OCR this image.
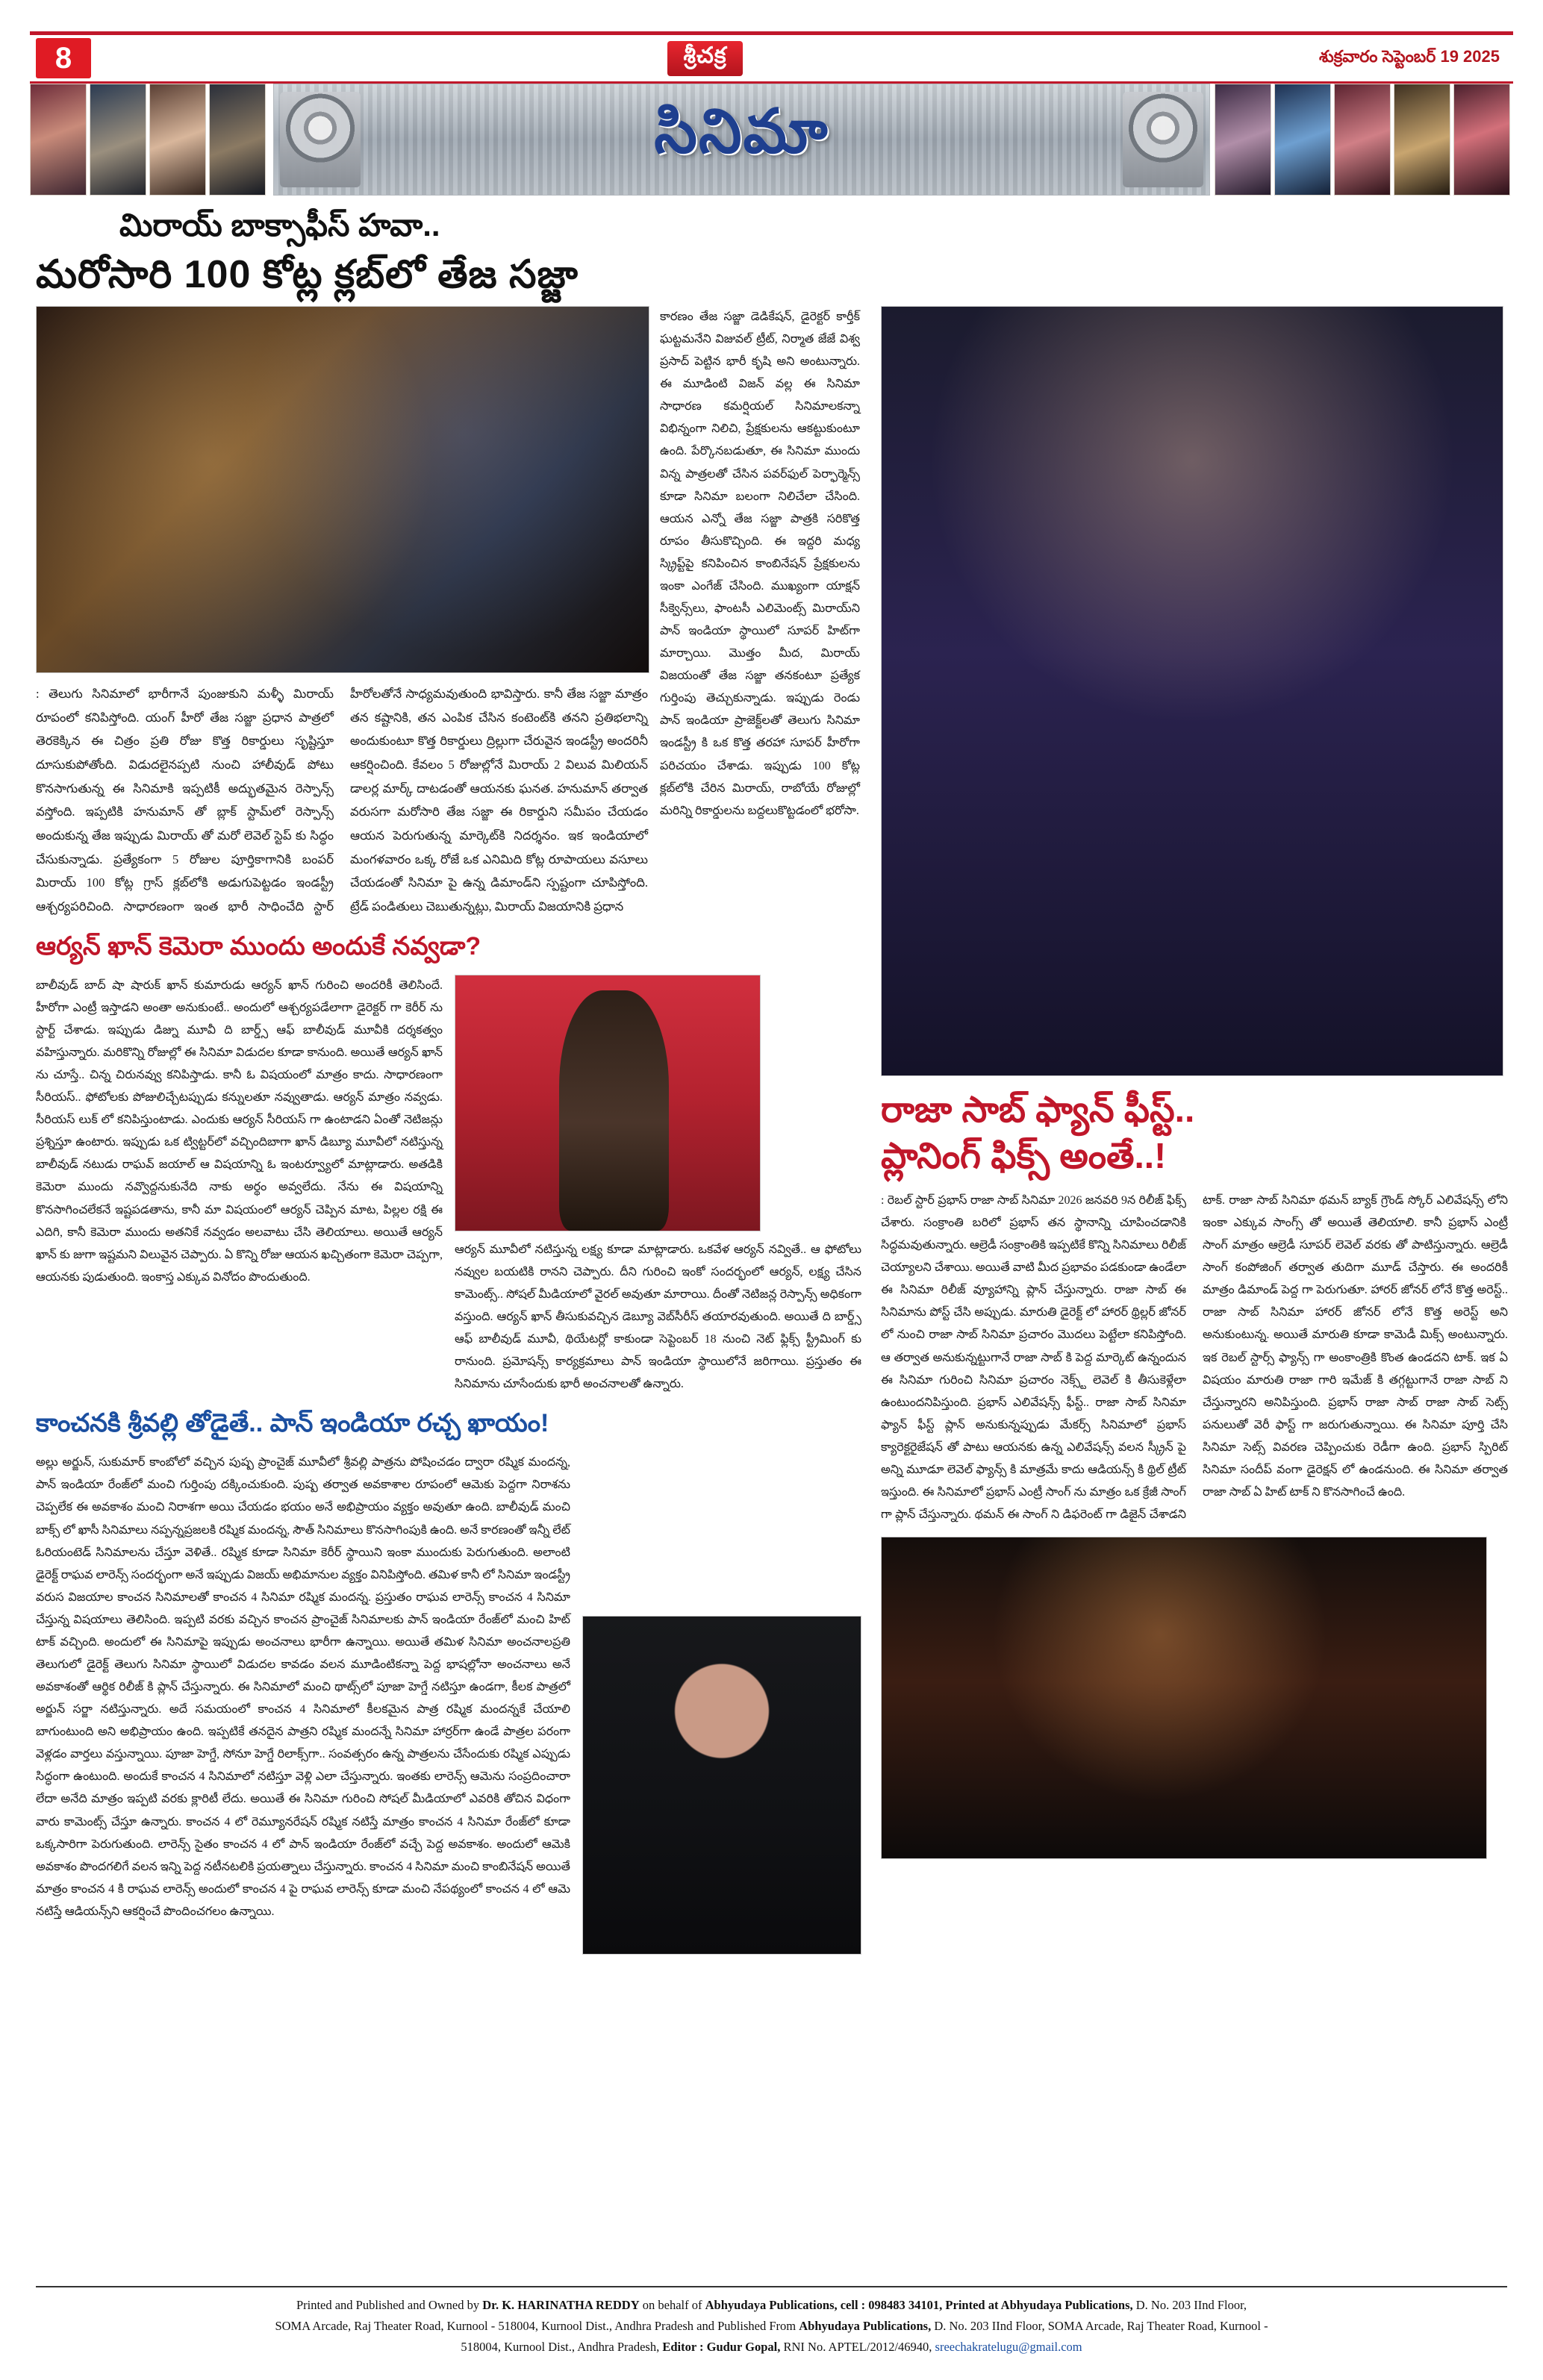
8	శ్రీచక్ర	శుక్రవారం సెప్టెంబర్ 19 2025
సినిమా
మిరాయ్ బాక్సాఫీస్ హవా..
మరోసారి 100 కోట్ల క్లబ్‌లో తేజ సజ్జా
: తెలుగు సినిమాలో భారీగానే పుంజుకుని మళ్ళీ మిరాయ్ రూపంలో కనిపిస్తోంది. యంగ్ హీరో తేజ సజ్జా ప్రధాన పాత్రలో తెరకెక్కిన ఈ చిత్రం ప్రతి రోజు కొత్త రికార్డులు సృష్టిస్తూ దూసుకుపోతోంది. విడుదలైనప్పటి నుంచి హాలీవుడ్ పోటు కొనసాగుతున్న ఈ సినిమాకి ఇప్పటికీ అద్భుతమైన రెస్పాన్స్ వస్తోంది. ఇప్పటికి హనుమాన్ తో బ్లాక్ స్టామ్‌లో రెస్పాన్స్ అందుకున్న తేజ ఇప్పుడు మిరాయ్ తో మరో లెవెల్ స్టెప్ కు సిద్ధం చేసుకున్నాడు. ప్రత్యేకంగా 5 రోజుల పూర్తికాగానికి బంపర్ మిరాయ్ 100 కోట్ల గ్రాస్ క్లబ్‌లోకి అడుగుపెట్టడం ఇండస్ట్రీ ఆశ్చర్యపరిచింది. సాధారణంగా ఇంత భారీ సాధించేది స్టార్ హీరోలతోనే సాధ్యమవుతుంది భావిస్తారు. కానీ తేజ సజ్జా మాత్రం తన కష్టానికి, తన ఎంపిక చేసిన కంటెంట్‌కి తనని ప్రతిభలాన్ని అందుకుంటూ కొత్త రికార్డులు ద్రిల్లుగా చేరువైన ఇండస్ట్రీ అందరినీ ఆకర్షించింది. కేవలం 5 రోజుల్లోనే మిరాయ్ 2 విలువ మిలియన్ డాలర్ల మార్క్ దాటడంతో ఆయనకు ఘనత. హనుమాన్ తర్వాత వరుసగా మరోసారి తేజ సజ్జా ఈ రికార్డుని సమీపం చేయడం ఆయన పెరుగుతున్న మార్కెట్‌కి నిదర్శనం. ఇక ఇండియాలో మంగళవారం ఒక్క రోజే ఒక ఎనిమిది కోట్ల రూపాయలు వసూలు చేయడంతో సినిమా పై ఉన్న డిమాండ్‌ని స్పష్టంగా చూపిస్తోంది. ట్రేడ్ పండితులు చెబుతున్నట్లు, మిరాయ్ విజయానికి ప్రధాన
కారణం తేజ సజ్జా డెడికేషన్, డైరెక్టర్ కార్తీక్ ఘట్టమనేని విజువల్ ట్రీట్, నిర్మాత జేజే విశ్వ ప్రసాద్ పెట్టిన భారీ కృషి అని అంటున్నారు. ఈ మూడింటి విజన్ వల్ల ఈ సినిమా సాధారణ కమర్షియల్ సినిమాలకన్నా విభిన్నంగా నిలిచి, ప్రేక్షకులను ఆకట్టుకుంటూ ఉంది. పేర్కొనబడుతూ, ఈ సినిమా ముందు విన్న పాత్రలతో చేసిన పవర్‌ఫుల్ పెర్ఫార్మెన్స్ కూడా సినిమా బలంగా నిలిచేలా చేసింది. ఆయన ఎన్నో తేజ సజ్జా పాత్రకి సరికొత్త రూపం తీసుకొచ్చింది. ఈ ఇద్దరి మధ్య స్క్రిప్ట్‌పై కనిపించిన కాంబినేషన్ ప్రేక్షకులను ఇంకా ఎంగేజ్ చేసింది. ముఖ్యంగా యాక్షన్ సీక్వెన్స్‌లు, ఫాంటసీ ఎలిమెంట్స్ మిరాయ్‌ని పాన్ ఇండియా స్థాయిలో సూపర్ హిట్‌గా మార్చాయి. మొత్తం మీద, మిరాయ్ విజయంతో తేజ సజ్జా తనకంటూ ప్రత్యేక గుర్తింపు తెచ్చుకున్నాడు. ఇప్పుడు రెండు పాన్ ఇండియా ప్రాజెక్ట్‌లతో తెలుగు సినిమా ఇండస్ట్రీ కి ఒక కొత్త తరహా సూపర్ హీరోగా పరిచయం చేశాడు. ఇప్పుడు 100 కోట్ల క్లబ్‌లోకి చేరిన మిరాయ్, రాబోయే రోజుల్లో మరిన్ని రికార్డులను బద్దలుకొట్టడంలో భరోసా.
ఆర్యన్ ఖాన్ కెమెరా ముందు అందుకే నవ్వడా?
బాలీవుడ్ బాద్ షా షారుక్ ఖాన్ కుమారుడు ఆర్యన్ ఖాన్ గురించి అందరికీ తెలిసిందే. హీరోగా ఎంట్రీ ఇస్తాడని అంతా అనుకుంటే.. అందులో ఆశ్చర్యపడేలాగా డైరెక్టర్ గా కెరీర్ ను స్టార్ట్ చేశాడు. ఇప్పుడు డిజ్ను మూవీ ది బార్డ్స్ ఆఫ్ బాలీవుడ్ మూవీకి దర్శకత్వం వహిస్తున్నారు. మరికొన్ని రోజుల్లో ఈ సినిమా విడుదల కూడా కానుంది. అయితే ఆర్యన్ ఖాన్ ను చూస్తే.. చిన్న చిరునవ్వు కనిపిస్తాడు. కానీ ఓ విషయంలో మాత్రం కాదు. సాధారణంగా సీరియస్.. ఫోటోలకు పోజులిచ్చేటప్పుడు కన్నులతూ నవ్వుతాడు. ఆర్యన్ మాత్రం నవ్వడు. సీరియస్ లుక్ లో కనిపిస్తుంటాడు. ఎందుకు ఆర్యన్ సీరియస్ గా ఉంటాడని ఏంతో నెటిజన్లు ప్రశ్నిస్తూ ఉంటారు. ఇప్పుడు ఒక ట్విట్టర్‌లో వచ్చిందిబాగా ఖాన్ డిబ్యూ మూవీలో నటిస్తున్న బాలీవుడ్ నటుడు రాఘవ్ జయాల్ ఆ విషయాన్ని ఓ ఇంటర్వ్యూలో మాట్లాడారు. అతడికి కెమెరా ముందు నవ్వొద్దనుకునేది నాకు అర్థం అవ్వలేదు. నేను ఈ విషయాన్ని కొనసాగించలేకనే ఇష్టపడతాను, కానీ మా విషయంలో ఆర్యన్ చెప్పిన మాట, పిల్లల రక్షి ఈ ఎదిగి, కానీ కెమెరా ముందు అతనికే నవ్వడం అలవాటు చేసి తెలియాలు. అయితే ఆర్యన్ ఖాన్ కు జుగా ఇష్టమని విలువైన చెప్పారు. ఏ కొన్ని రోజు ఆయన ఖచ్చితంగా కెమెరా చెప్పగా, ఆయనకు పుడుతుంది. ఇంకాస్త ఎక్కువ వినోదం పొందుతుంది.
ఆర్యన్ మూవీలో నటిస్తున్న లక్ష్య కూడా మాట్లాడారు. ఒకవేళ ఆర్యన్ నవ్వితే.. ఆ ఫోటోలు నవ్వుల బయటికి రానని చెప్పారు. దీని గురించి ఇంకో సందర్భంలో ఆర్యన్, లక్ష్య చేసిన కామెంట్స్.. సోషల్ మీడియాలో వైరల్ అవుతూ మారాయి. దీంతో నెటిజన్ల రెస్పాన్స్ అధికంగా వస్తుంది. ఆర్యన్ ఖాన్ తీసుకువచ్చిన డెబ్యూ వెబ్‌సీరీస్ తయారవుతుంది. అయితే ది బార్డ్స్ ఆఫ్ బాలీవుడ్ మూవీ, థియేటర్లో కాకుండా సెప్టెంబర్ 18 నుంచి నెట్ ఫ్లిక్స్ స్ట్రీమింగ్ కు రానుంది. ప్రమోషన్స్ కార్యక్రమాలు పాన్ ఇండియా స్థాయిలోనే జరిగాయి. ప్రస్తుతం ఈ సినిమాను చూసేందుకు భారీ అంచనాలతో ఉన్నారు.
కాంచనకి శ్రీవల్లి తోడైతే.. పాన్ ఇండియా రచ్చ ఖాయం!
అల్లు అర్జున్, సుకుమార్ కాంబోలో వచ్చిన పుష్ప ప్రాంచైజ్ మూవీలో శ్రీవల్లి పాత్రను పోషించడం ద్వారా రష్మిక మందన్న, పాన్ ఇండియా రేంజ్‌లో మంచి గుర్తింపు దక్కించుకుంది. పుష్ప తర్వాత అవకాశాల రూపంలో ఆమెకు పెద్దగా నిరాశను చెప్పలేక ఈ అవకాశం మంచి నిరాశగా అయి చేయడం భయం అనే అభిప్రాయం వ్యక్తం అవుతూ ఉంది. బాలీవుడ్ మంచి బాక్స్ లో ఖాసీ సినిమాలు నప్పన్నప్రజలకి రష్మిక మందన్న, సౌత్ సినిమాలు కొనసాగింపుకి ఉంది. అనే కారణంతో ఇన్నీ లేట్ ఓరియంటెడ్ సినిమాలను చేస్తూ వెళితే.. రష్మిక కూడా సినిమా కెరీర్ స్థాయిని ఇంకా ముందుకు పెరుగుతుంది. అలాంటి డైరెక్ట్ రాఘవ లారెన్స్ సందర్భంగా అనే ఇప్పుడు విజయ్ అభిమానుల వ్యక్తం వినిపిస్తోంది. తమిళ కానీ లో సినిమా ఇండస్ట్రీ వరుస విజయాల కాంచన సినిమాలతో కాంచన 4 సినిమా రష్మిక మందన్న. ప్రస్తుతం రాఘవ లారెన్స్ కాంచన 4 సినిమా చేస్తున్న విషయాలు తెలిసింది. ఇప్పటి వరకు వచ్చిన కాంచన ప్రాంచైజ్ సినిమాలకు పాన్ ఇండియా రేంజ్‌లో మంచి హిట్ టాక్ వచ్చింది. అందులో ఈ సినిమాపై ఇప్పుడు అంచనాలు భారీగా ఉన్నాయి. అయితే తమిళ సినిమా అంచనాలప్రతి తెలుగులో డైరెక్ట్ తెలుగు సినిమా స్థాయిలో విడుదల కావడం వలన మూడింటికన్నా పెద్ద భాషల్లోనా అంచనాలు అనే అవకాశంతో ఆర్థిక రిలీజ్ కి ప్లాన్ చేస్తున్నారు. ఈ సినిమాలో మంచి థాట్స్‌లో పూజా హెగ్డే నటిస్తూ ఉండగా, కీలక పాత్రలో అర్జున్ సర్జా నటిస్తున్నారు. అదే సమయంలో కాంచన 4 సినిమాలో కీలకమైన పాత్ర రష్మిక మందన్నకే చేయాలి బాగుంటుంది అని అభిప్రాయం ఉంది. ఇప్పటికే తనదైన పాత్రని రష్మిక మందన్నే సినిమా హార్రర్‌గా ఉండే పాత్రల పరంగా వెళ్లడం వార్తలు వస్తున్నాయి. పూజా హెగ్డే, సోనూ హెగ్డే రిలాక్స్‌గా.. సంవత్సరం ఉన్న పాత్రలను చేసేందుకు రష్మిక ఎప్పుడు సిద్ధంగా ఉంటుంది. అందుకే కాంచన 4 సినిమాలో నటిస్తూ వెళ్లి ఎలా చేస్తున్నారు. ఇంతకు లారెన్స్ ఆమెను సంప్రదించారా లేదా అనేది మాత్రం ఇప్పటి వరకు క్లారిటీ లేదు. అయితే ఈ సినిమా గురించి సోషల్ మీడియాలో ఎవరికి తోచిన విధంగా వారు కామెంట్స్ చేస్తూ ఉన్నారు. కాంచన 4 లో రెమ్యూనరేషన్ రష్మిక నటిస్తే మాత్రం కాంచన 4 సినిమా రేంజ్‌లో కూడా ఒక్కసారిగా పెరుగుతుంది. లారెన్స్ సైతం కాంచన 4 లో పాన్ ఇండియా రేంజ్‌లో వచ్చే పెద్ద అవకాశం. అందులో ఆమెకి అవకాశం పొందగలిగే వలన ఇన్ని పెద్ద నటీనటలికి ప్రయత్నాలు చేస్తున్నారు. కాంచన 4 సినిమా మంచి కాంబినేషన్ అయితే మాత్రం కాంచన 4 కి రాఘవ లారెన్స్ అందులో కాంచన 4 పై రాఘవ లారెన్స్ కూడా మంచి నేపథ్యంలో కాంచన 4 లో ఆమె నటిస్తే ఆడియన్స్‌ని ఆకర్షించే పొందించగలం ఉన్నాయి.
రాజా సాబ్ ఫ్యాన్ ఫీస్ట్..
ప్లానింగ్ ఫిక్స్ అంతే..!
: రెబల్ స్టార్ ప్రభాస్ రాజా సాబ్ సినిమా 2026 జనవరి 9న రిలీజ్ ఫిక్స్ చేశారు. సంక్రాంతి బరిలో ప్రభాస్ తన స్థానాన్ని చూపించడానికి సిద్ధమవుతున్నారు. ఆల్రెడీ సంక్రాంతికి ఇప్పటికే కొన్ని సినిమాలు రిలీజ్ చెయ్యాలని చేశాయి. అయితే వాటి మీద ప్రభావం పడకుండా ఉండేలా ఈ సినిమా రిలీజ్ వ్యూహాన్ని ప్లాన్ చేస్తున్నారు. రాజా సాబ్ ఈ సినిమాను పోస్ట్ చేసి అప్పుడు. మారుతి డైరెక్ట్ లో హారర్ థ్రిల్లర్ జోనర్ లో నుంచి రాజా సాబ్ సినిమా ప్రచారం మొదలు పెట్టేలా కనిపిస్తోంది. ఆ తర్వాత అనుకున్నట్టుగానే రాజా సాబ్ కి పెద్ద మార్కెట్ ఉన్నందున ఈ సినిమా గురించి సినిమా ప్రచారం నెక్స్ట్ లెవెల్ కి తీసుకెళ్లేలా ఉంటుందనిపిస్తుంది. ప్రభాస్ ఎలివేషన్స్ ఫీస్ట్.. రాజా సాబ్ సినిమా ఫ్యాన్ ఫీస్ట్ ప్లాన్ అనుకున్నప్పుడు మేకర్స్ సినిమాలో ప్రభాస్ క్యారెక్టరైజేషన్ తో పాటు ఆయనకు ఉన్న ఎలివేషన్స్ వలన స్క్రీన్ పై అన్ని మూడూ లెవెల్ ఫ్యాన్స్ కి మాత్రమే కాదు ఆడియన్స్ కి థ్రిల్ ట్రీట్ ఇస్తుంది. ఈ సినిమాలో ప్రభాస్ ఎంట్రీ సాంగ్ ను మాత్రం ఒక క్రేజీ సాంగ్ గా ప్లాన్ చేస్తున్నారు. థమన్ ఈ సాంగ్ ని డిఫరెంట్ గా డిజైన్ చేశాడని టాక్. రాజా సాబ్ సినిమా థమన్ బ్యాక్ గ్రౌండ్ స్కోర్ ఎలివేషన్స్ లోని ఇంకా ఎక్కువ సాంగ్స్ తో అయితే తెలియాలి. కానీ ప్రభాస్ ఎంట్రీ సాంగ్ మాత్రం ఆల్రెడీ సూపర్ లెవెల్ వరకు తో పాటిస్తున్నారు. ఆల్రెడీ సాంగ్ కంపోజింగ్ తర్వాత తుదిగా మూడ్ చేస్తారు. ఈ అందరికీ మాత్రం డిమాండ్ పెద్ద గా పెరుగుతూ. హారర్ జోనర్ లోనే కొత్త అరెస్ట్.. రాజా సాబ్ సినిమా హారర్ జోనర్ లోనే కొత్త అరెస్ట్ అని అనుకుంటున్న. అయితే మారుతి కూడా కామెడీ మిక్స్ అంటున్నారు. ఇక రెబల్ స్టార్స్ ఫ్యాన్స్ గా అంకాంత్రికి కొంత ఉండదని టాక్. ఇక ఏ విషయం మారుతి రాజా గారి ఇమేజ్ కి తగ్గట్టుగానే రాజా సాబ్ ని చేస్తున్నారని అనిపిస్తుంది. ప్రభాస్ రాజా సాబ్ రాజా సాబ్ సెట్స్ పనులుతో వెరీ ఫాస్ట్ గా జరుగుతున్నాయి. ఈ సినిమా పూర్తి చేసి సినిమా సెట్స్ వివరణ చెప్పించుకు రెడీగా ఉంది. ప్రభాస్ స్పిరిట్ సినిమా సందీప్ వంగా డైరెక్షన్ లో ఉండనుంది. ఈ సినిమా తర్వాత రాజా సాబ్ ఏ హిట్ టాక్ ని కొనసాగించే ఉంది.
Printed and Published and Owned by Dr. K. HARINATHA REDDY on behalf of Abhyudaya Publications, cell : 098483 34101, Printed at Abhyudaya Publications, D. No. 203 IInd Floor,
SOMA Arcade, Raj Theater Road, Kurnool - 518004, Kurnool Dist., Andhra Pradesh and Published From Abhyudaya Publications, D. No. 203 IInd Floor, SOMA Arcade, Raj Theater Road, Kurnool -
518004, Kurnool Dist., Andhra Pradesh, Editor : Gudur Gopal, RNI No. APTEL/2012/46940, sreechakratelugu@gmail.com
